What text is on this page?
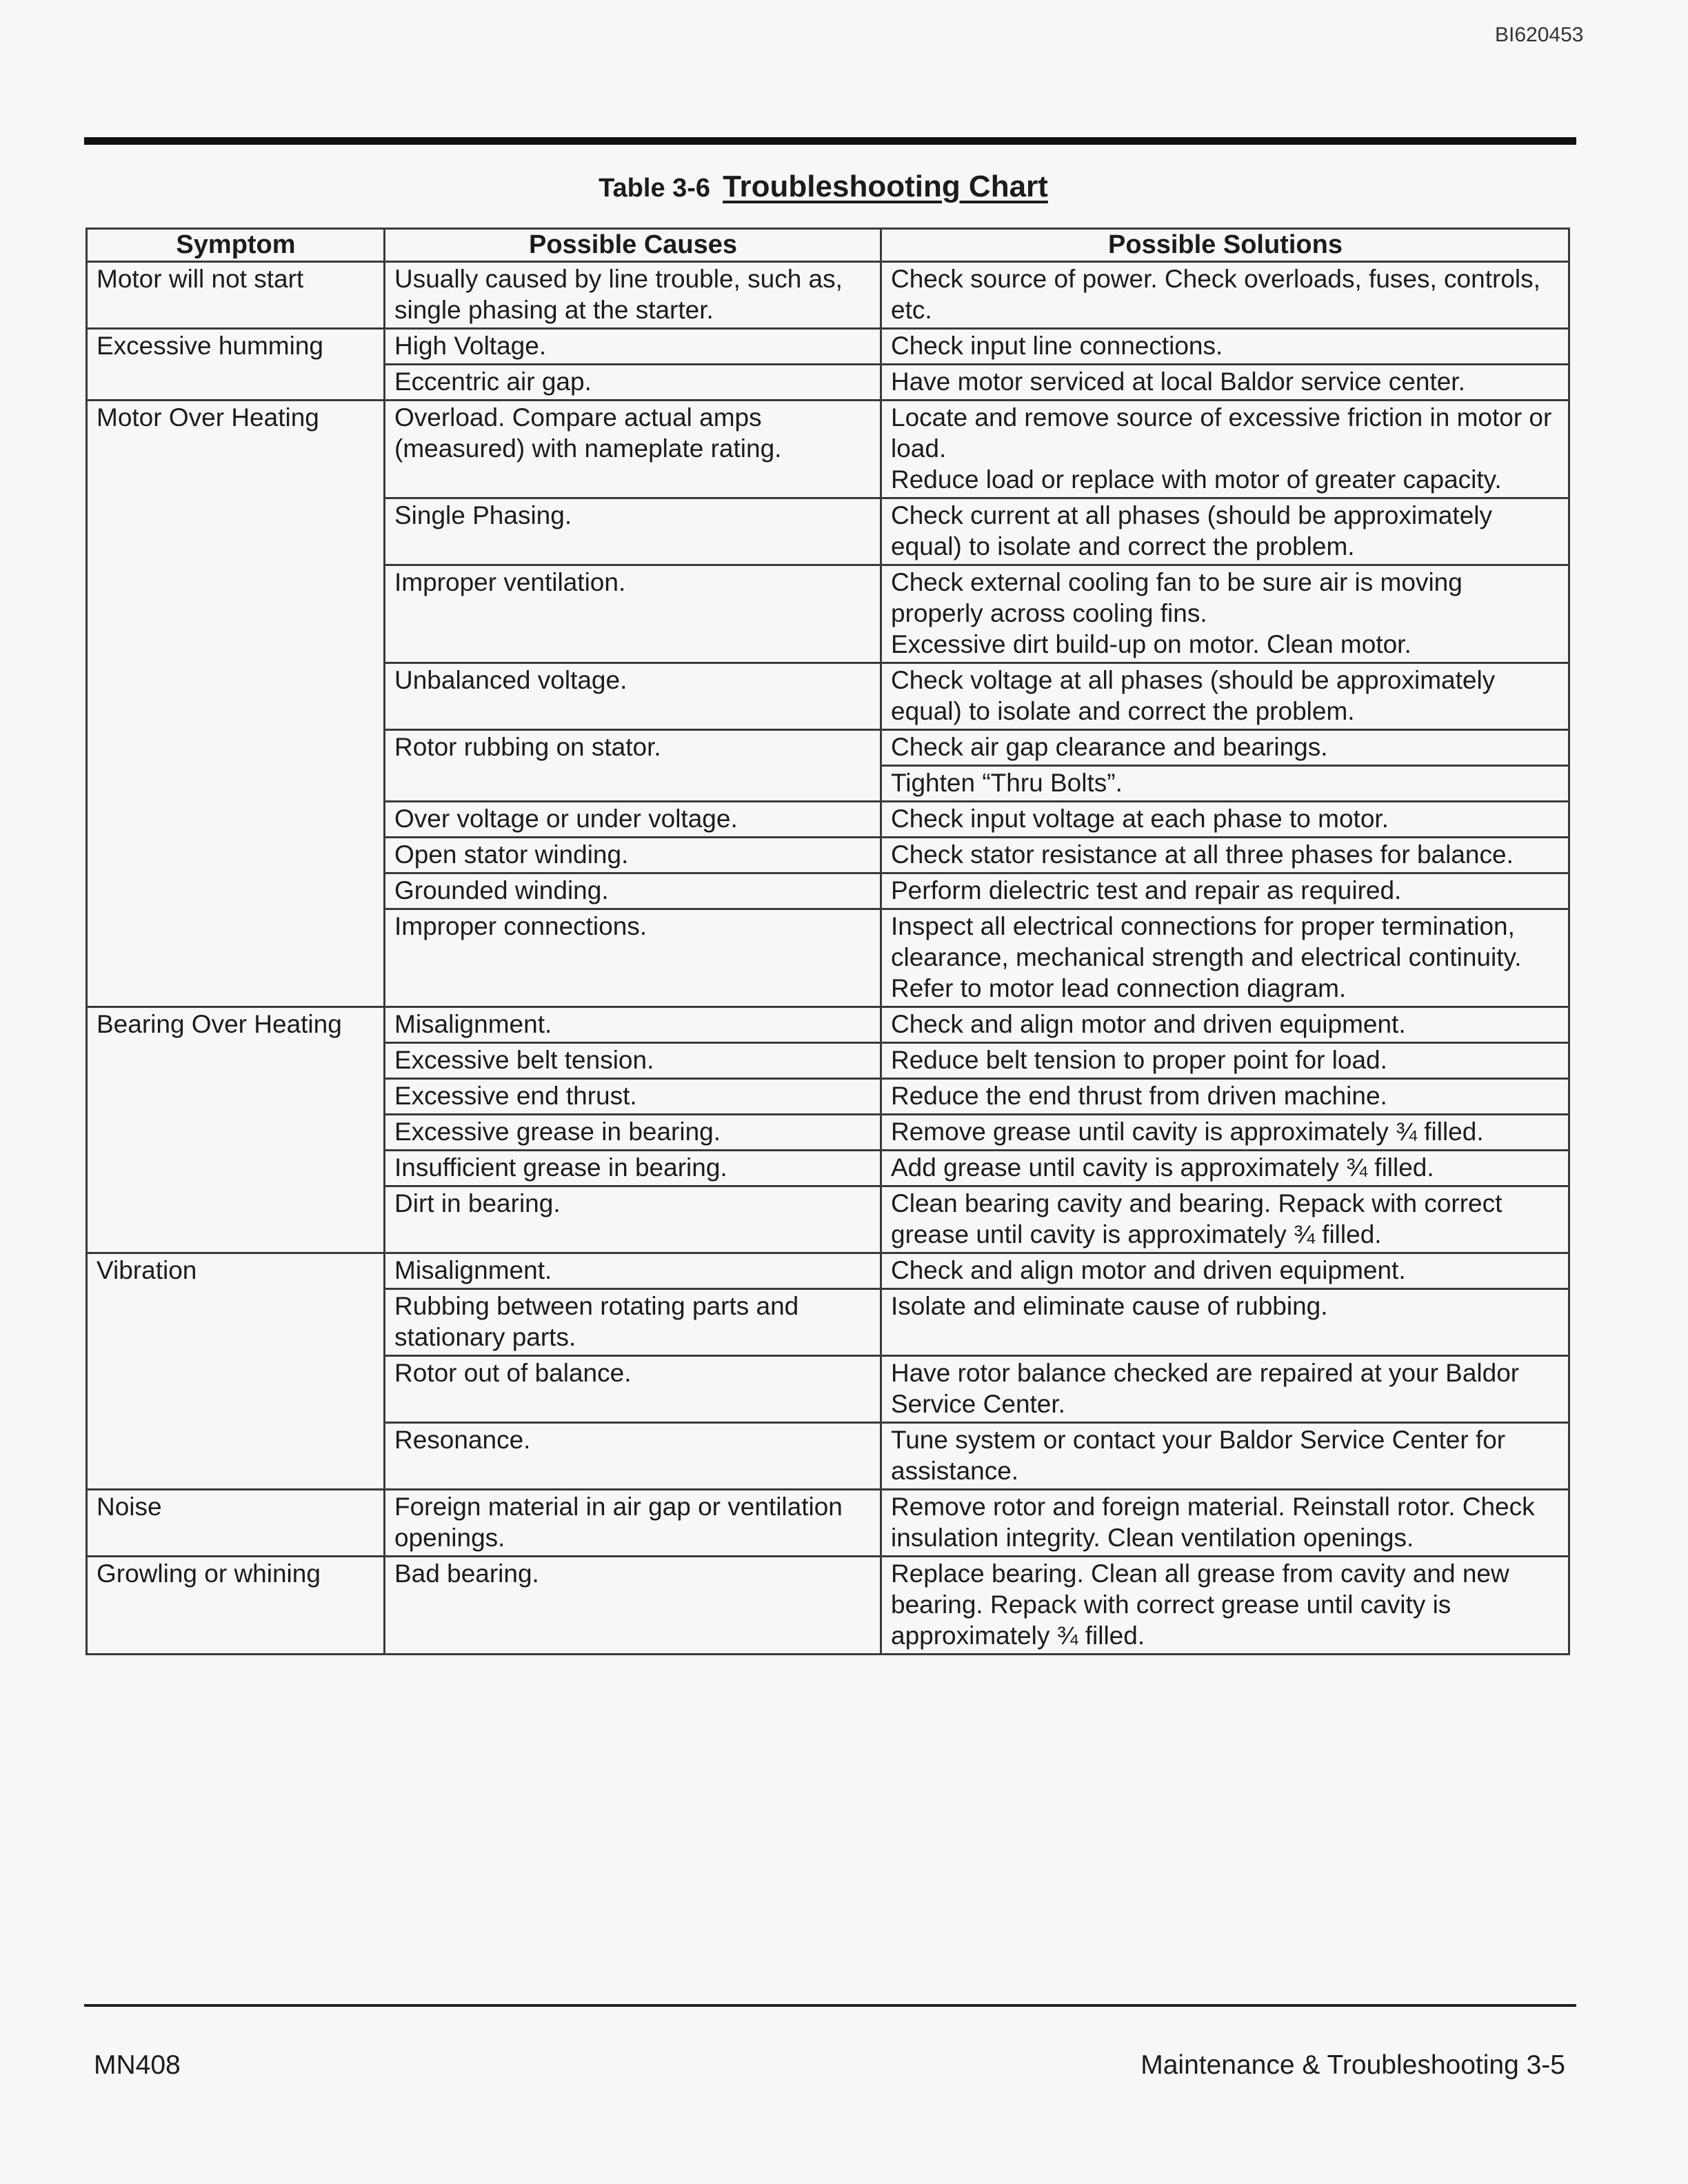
BI620453
Table 3-6 Troubleshooting Chart
Symptom	Possible Causes	Possible Solutions
Motor will not start	Usually caused by line trouble, such as, single phasing at the starter.	Check source of power. Check overloads, fuses, controls, etc.
Excessive humming	High Voltage.	Check input line connections.
	Eccentric air gap.	Have motor serviced at local Baldor service center.
Motor Over Heating	Overload. Compare actual amps (measured) with nameplate rating.	Locate and remove source of excessive friction in motor or load.
Reduce load or replace with motor of greater capacity.
	Single Phasing.	Check current at all phases (should be approximately equal) to isolate and correct the problem.
	Improper ventilation.	Check external cooling fan to be sure air is moving properly across cooling fins.
Excessive dirt build-up on motor. Clean motor.
	Unbalanced voltage.	Check voltage at all phases (should be approximately equal) to isolate and correct the problem.
	Rotor rubbing on stator.	Check air gap clearance and bearings.
		Tighten “Thru Bolts”.
	Over voltage or under voltage.	Check input voltage at each phase to motor.
	Open stator winding.	Check stator resistance at all three phases for balance.
	Grounded winding.	Perform dielectric test and repair as required.
	Improper connections.	Inspect all electrical connections for proper termination, clearance, mechanical strength and electrical continuity. Refer to motor lead connection diagram.
Bearing Over Heating	Misalignment.	Check and align motor and driven equipment.
	Excessive belt tension.	Reduce belt tension to proper point for load.
	Excessive end thrust.	Reduce the end thrust from driven machine.
	Excessive grease in bearing.	Remove grease until cavity is approximately ¾ filled.
	Insufficient grease in bearing.	Add grease until cavity is approximately ¾ filled.
	Dirt in bearing.	Clean bearing cavity and bearing. Repack with correct grease until cavity is approximately ¾ filled.
Vibration	Misalignment.	Check and align motor and driven equipment.
	Rubbing between rotating parts and stationary parts.	Isolate and eliminate cause of rubbing.
	Rotor out of balance.	Have rotor balance checked are repaired at your Baldor Service Center.
	Resonance.	Tune system or contact your Baldor Service Center for assistance.
Noise	Foreign material in air gap or ventilation openings.	Remove rotor and foreign material. Reinstall rotor. Check insulation integrity. Clean ventilation openings.
Growling or whining	Bad bearing.	Replace bearing. Clean all grease from cavity and new bearing. Repack with correct grease until cavity is approximately ¾ filled.
MN408	Maintenance & Troubleshooting 3-5
